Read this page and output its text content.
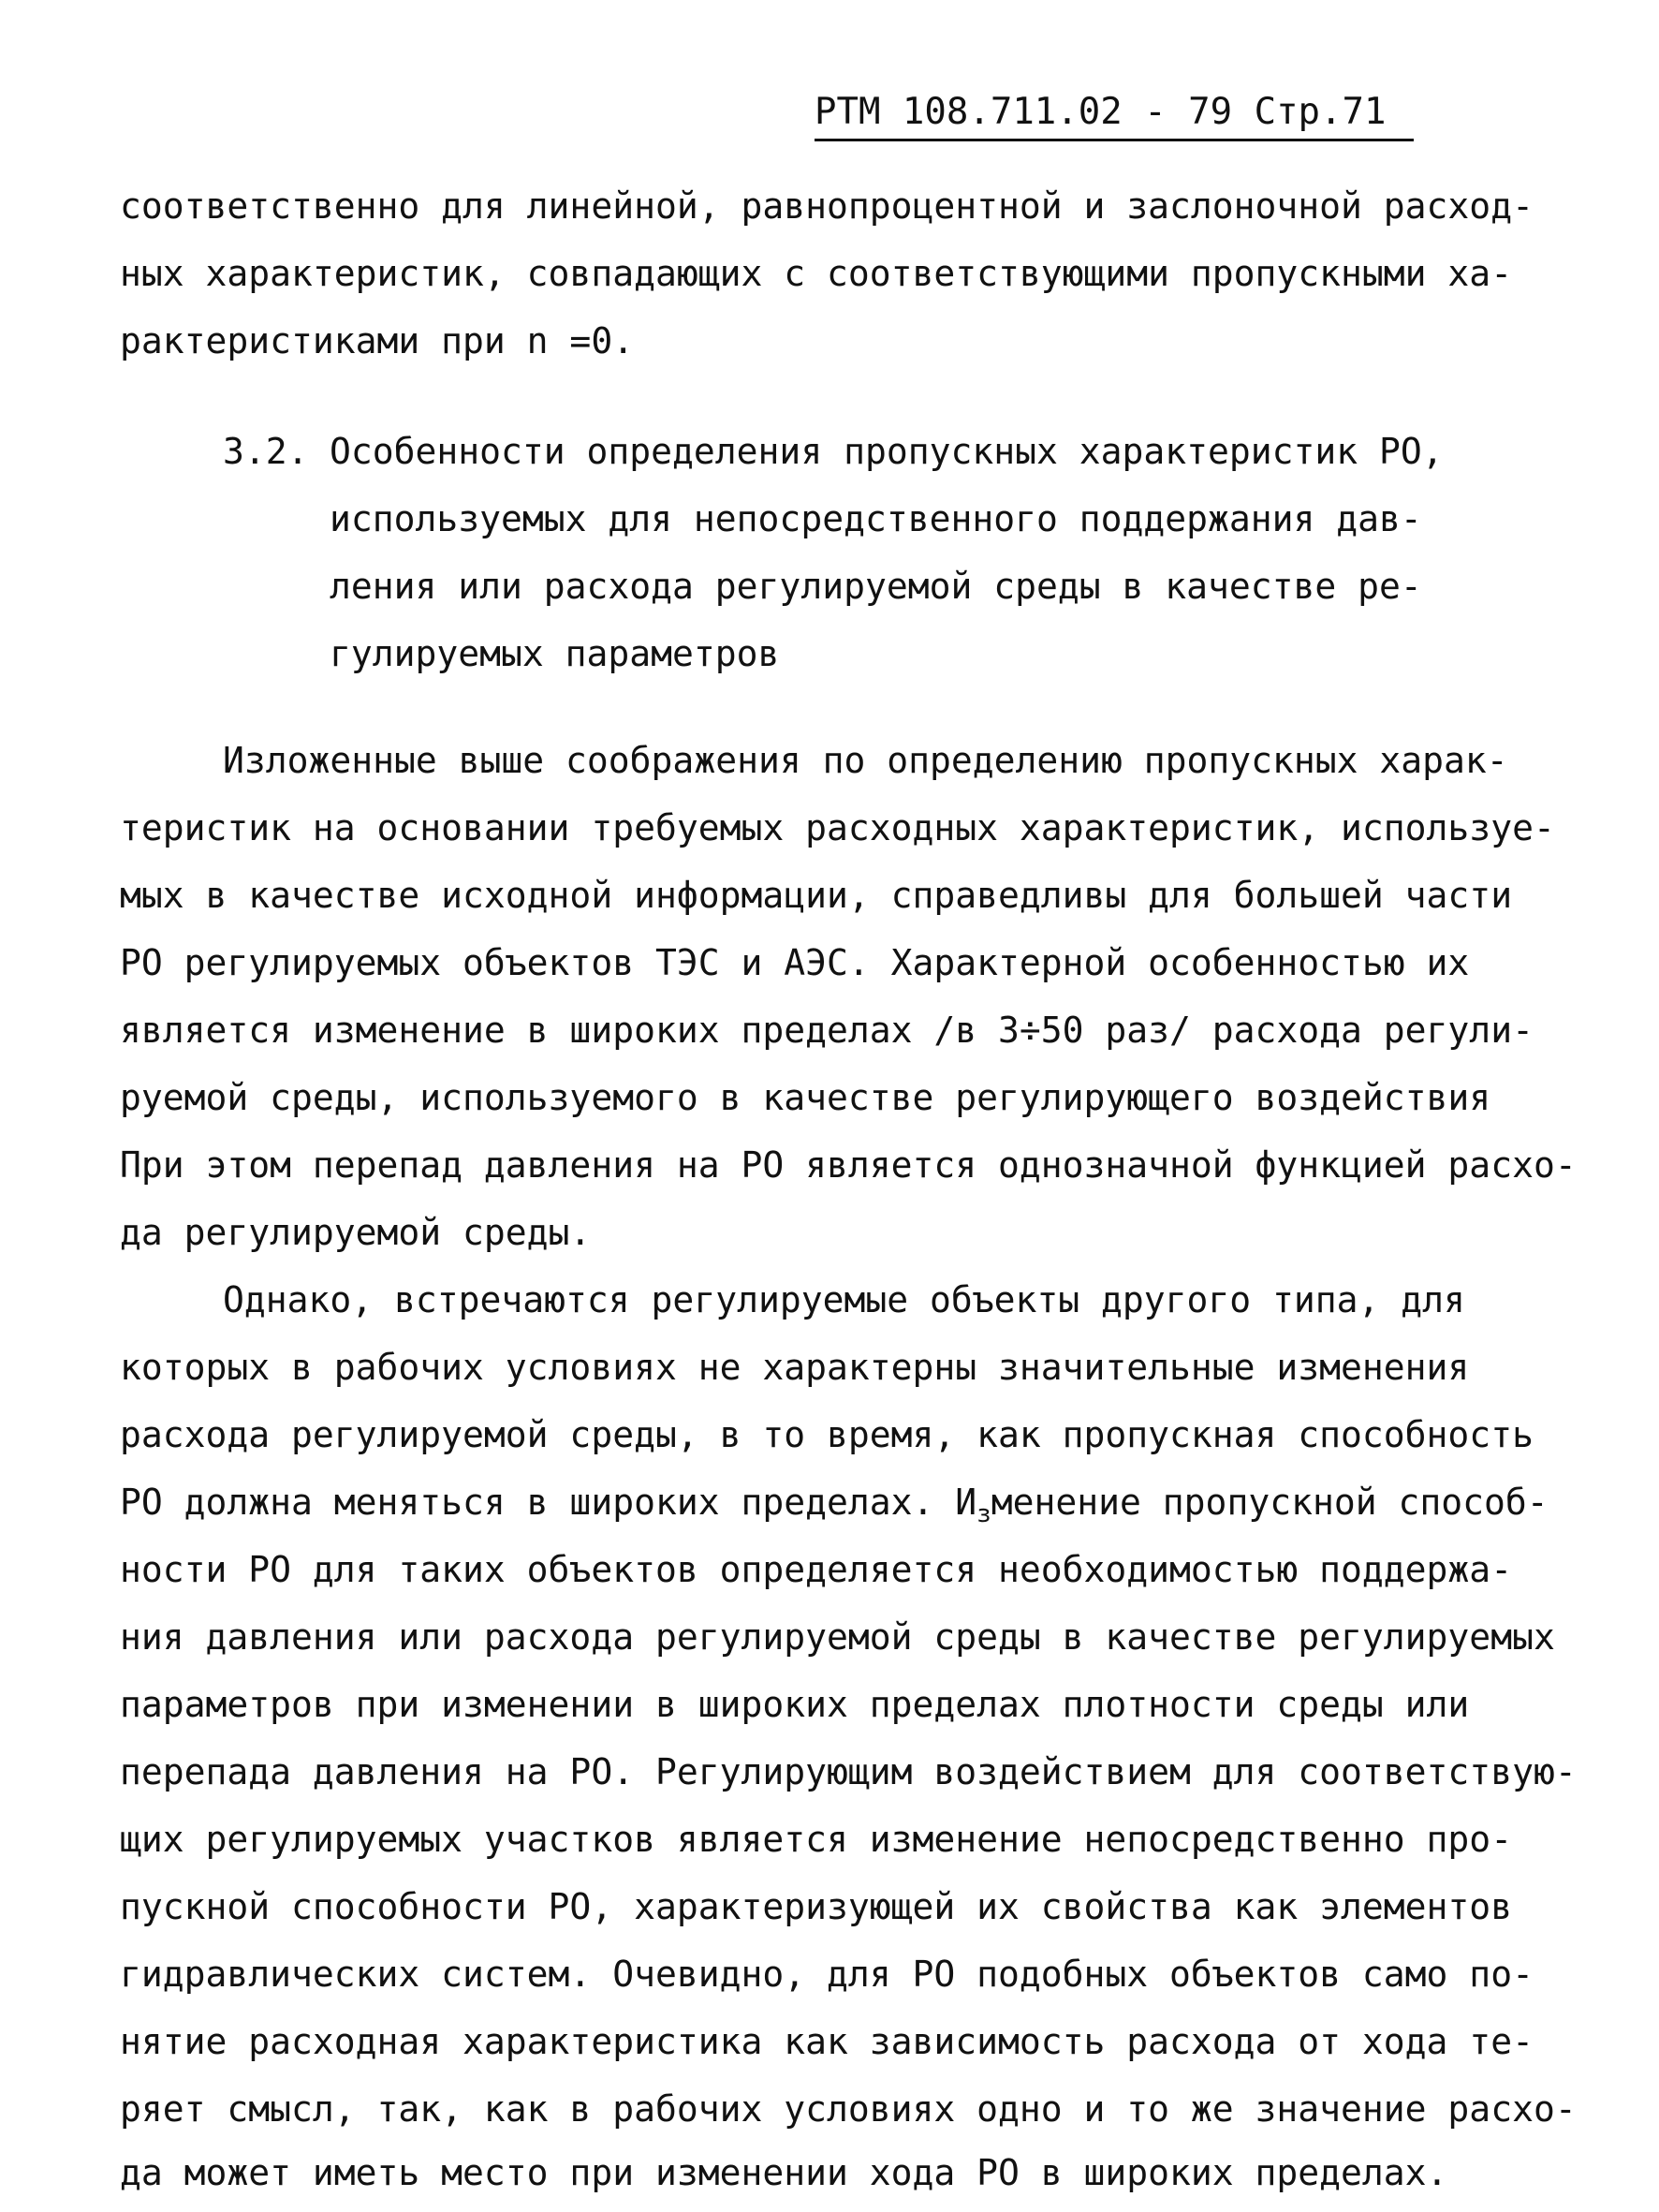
РТМ 108.711.02 - 79 Стр.71
соответственно для линейной, равнопроцентной и заслоночной расход-
ных характеристик, совпадающих с соответствующими пропускными ха-
рактеристиками при n =0.
3.2. Особенности определения пропускных характеристик РО,
используемых для непосредственного поддержания дав-
ления или расхода регулируемой среды в качестве ре-
гулируемых параметров
Изложенные выше соображения по определению пропускных харак-
теристик на основании требуемых расходных характеристик, используе-
мых в качестве исходной информации, справедливы для большей части
РО регулируемых объектов ТЭС и АЭС. Характерной особенностью их
является изменение в широких пределах /в 3÷50 раз/ расхода регули-
руемой среды, используемого в качестве регулирующего воздействия
При этом перепад давления на РО является однозначной функцией расхо-
да регулируемой среды.
Однако, встречаются регулируемые объекты другого типа, для
которых в рабочих условиях не характерны значительные изменения
расхода регулируемой среды, в то время, как пропускная способность
РО должна меняться в широких пределах. $И_зменение$ пропускной способ-
ности РО для таких объектов определяется необходимостью поддержа-
ния давления или расхода регулируемой среды в качестве регулируемых
параметров при изменении в широких пределах плотности среды или
перепада давления на РО. Регулирующим воздействием для соответствую-
щих регулируемых участков является изменение непосредственно про-
пускной способности РО, характеризующей их свойства как элементов
гидравлических систем. Очевидно, для РО подобных объектов само по-
нятие расходная характеристика как зависимость расхода от хода те-
ряет смысл, так, как в рабочих условиях одно и то же значение расхо-
да может иметь место при изменении хода РО в широких пределах.
